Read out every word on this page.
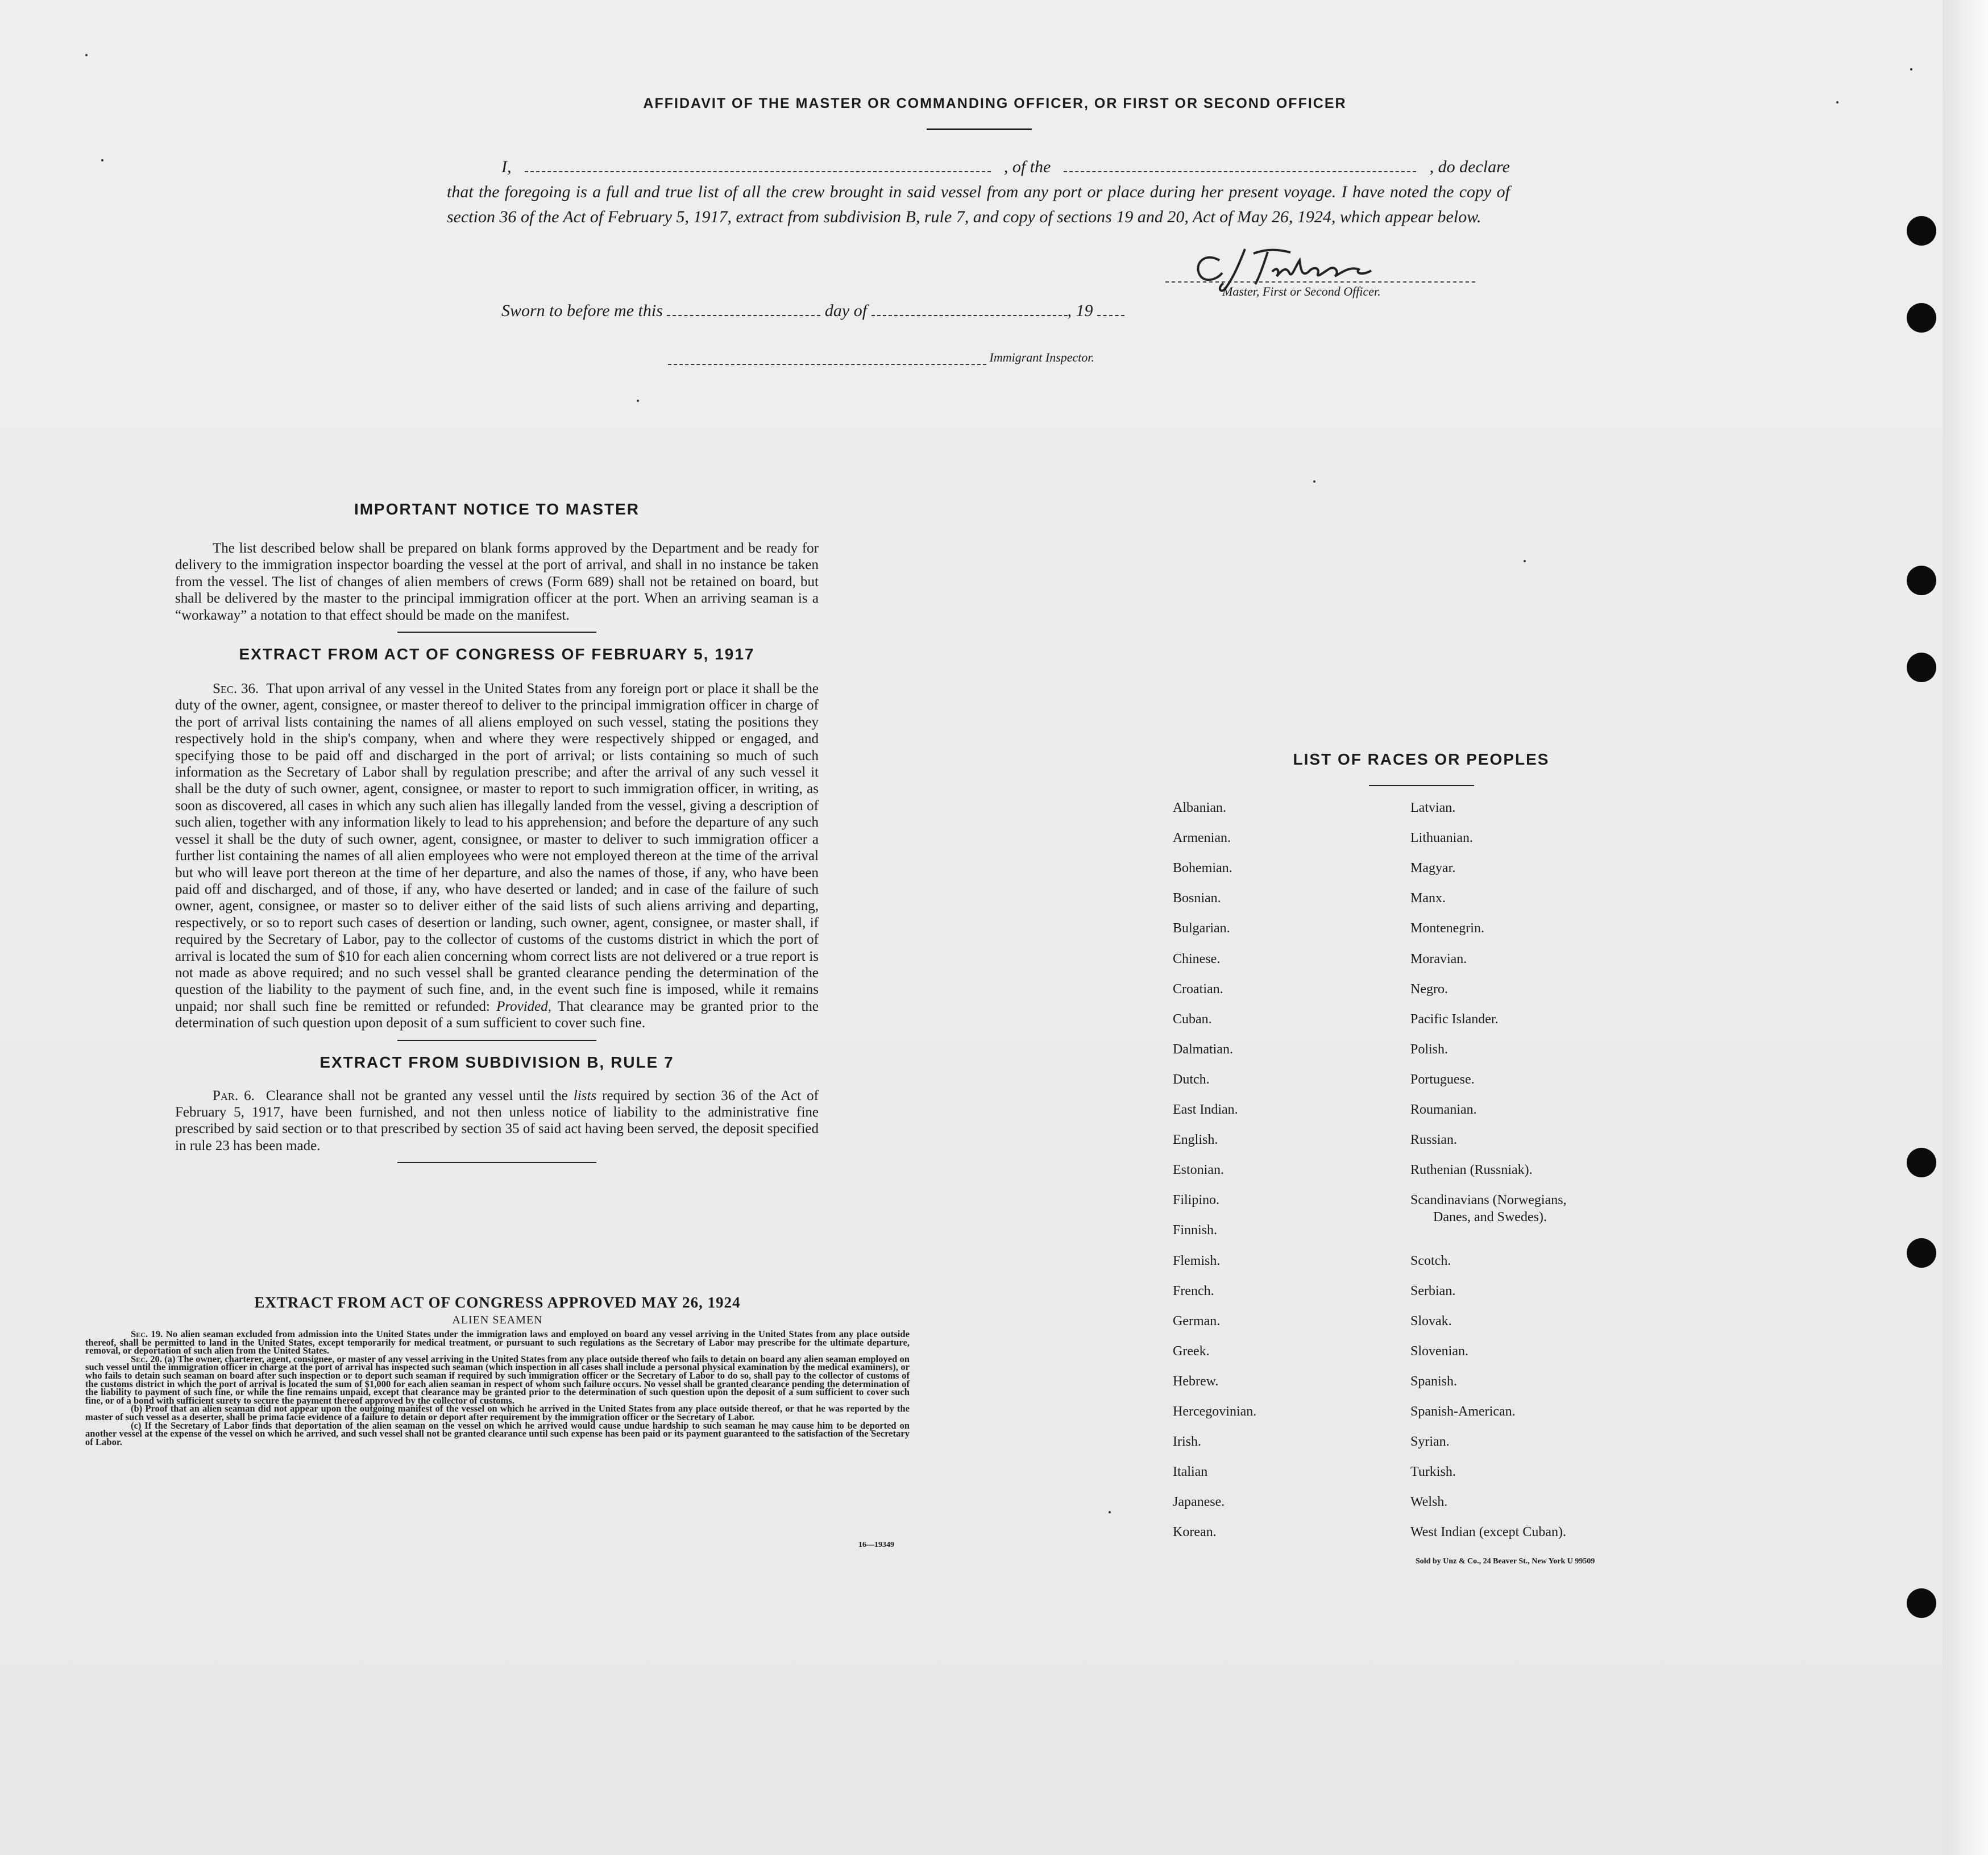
AFFIDAVIT OF THE MASTER OR COMMANDING OFFICER, OR FIRST OR SECOND OFFICER
I,	, of the	, do declare
that the foregoing is a full and true list of all the crew brought in said vessel from any port or place during her present voyage. I have noted the copy of section 36 of the Act of February 5, 1917, extract from subdivision B, rule 7, and copy of sections 19 and 20, Act of May 26, 1924, which appear below.
Master, First or Second Officer.
Sworn to before me this	day of	, 19
Immigrant Inspector.
IMPORTANT NOTICE TO MASTER

The list described below shall be prepared on blank forms approved by the Department and be ready for delivery to the immigration inspector boarding the vessel at the port of arrival, and shall in no instance be taken from the vessel. The list of changes of alien members of crews (Form 689) shall not be retained on board, but shall be delivered by the master to the principal immigration officer at the port. When an arriving seaman is a “workaway” a notation to that effect should be made on the manifest.

EXTRACT FROM ACT OF CONGRESS OF FEBRUARY 5, 1917

Sec. 36. That upon arrival of any vessel in the United States from any foreign port or place it shall be the duty of the owner, agent, consignee, or master thereof to deliver to the principal immigration officer in charge of the port of arrival lists containing the names of all aliens employed on such vessel, stating the positions they respectively hold in the ship's company, when and where they were respectively shipped or engaged, and specifying those to be paid off and discharged in the port of arrival; or lists containing so much of such information as the Secretary of Labor shall by regulation prescribe; and after the arrival of any such vessel it shall be the duty of such owner, agent, consignee, or master to report to such immigration officer, in writing, as soon as discovered, all cases in which any such alien has illegally landed from the vessel, giving a description of such alien, together with any information likely to lead to his apprehension; and before the departure of any such vessel it shall be the duty of such owner, agent, consignee, or master to deliver to such immigration officer a further list containing the names of all alien employees who were not employed thereon at the time of the arrival but who will leave port thereon at the time of her departure, and also the names of those, if any, who have been paid off and discharged, and of those, if any, who have deserted or landed; and in case of the failure of such owner, agent, consignee, or master so to deliver either of the said lists of such aliens arriving and departing, respectively, or so to report such cases of desertion or landing, such owner, agent, consignee, or master shall, if required by the Secretary of Labor, pay to the collector of customs of the customs district in which the port of arrival is located the sum of $10 for each alien concerning whom correct lists are not delivered or a true report is not made as above required; and no such vessel shall be granted clearance pending the determination of the question of the liability to the payment of such fine, and, in the event such fine is imposed, while it remains unpaid; nor shall such fine be remitted or refunded: Provided, That clearance may be granted prior to the determination of such question upon deposit of a sum sufficient to cover such fine.

EXTRACT FROM SUBDIVISION B, RULE 7

Par. 6. Clearance shall not be granted any vessel until the lists required by section 36 of the Act of February 5, 1917, have been furnished, and not then unless notice of liability to the administrative fine prescribed by said section or to that prescribed by section 35 of said act having been served, the deposit specified in rule 23 has been made.

EXTRACT FROM ACT OF CONGRESS APPROVED MAY 26, 1924
ALIEN SEAMEN

Sec. 19. No alien seaman excluded from admission into the United States under the immigration laws and employed on board any vessel arriving in the United States from any place outside thereof, shall be permitted to land in the United States, except temporarily for medical treatment, or pursuant to such regulations as the Secretary of Labor may prescribe for the ultimate departure, removal, or deportation of such alien from the United States.

Sec. 20. (a) The owner, charterer, agent, consignee, or master of any vessel arriving in the United States from any place outside thereof who fails to detain on board any alien seaman employed on such vessel until the immigration officer in charge at the port of arrival has inspected such seaman (which inspection in all cases shall include a personal physical examination by the medical examiners), or who fails to detain such seaman on board after such inspection or to deport such seaman if required by such immigration officer or the Secretary of Labor to do so, shall pay to the collector of customs of the customs district in which the port of arrival is located the sum of $1,000 for each alien seaman in respect of whom such failure occurs. No vessel shall be granted clearance pending the determination of the liability to payment of such fine, or while the fine remains unpaid, except that clearance may be granted prior to the determination of such question upon the deposit of a sum sufficient to cover such fine, or of a bond with sufficient surety to secure the payment thereof approved by the collector of customs.

(b) Proof that an alien seaman did not appear upon the outgoing manifest of the vessel on which he arrived in the United States from any place outside thereof, or that he was reported by the master of such vessel as a deserter, shall be prima facie evidence of a failure to detain or deport after requirement by the immigration officer or the Secretary of Labor.

(c) If the Secretary of Labor finds that deportation of the alien seaman on the vessel on which he arrived would cause undue hardship to such seaman he may cause him to be deported on another vessel at the expense of the vessel on which he arrived, and such vessel shall not be granted clearance until such expense has been paid or its payment guaranteed to the satisfaction of the Secretary of Labor.

16—19349
LIST OF RACES OR PEOPLES
Sold by Unz & Co., 24 Beaver St., New York U 99509
Albanian.
Armenian.
Bohemian.
Bosnian.
Bulgarian.
Chinese.
Croatian.
Cuban.
Dalmatian.
Dutch.
East Indian.
English.
Estonian.
Filipino.
Finnish.
Flemish.
French.
German.
Greek.
Hebrew.
Hercegovinian.
Irish.
Italian
Japanese.
Korean.
Latvian.
Lithuanian.
Magyar.
Manx.
Montenegrin.
Moravian.
Negro.
Pacific Islander.
Polish.
Portuguese.
Roumanian.
Russian.
Ruthenian (Russniak).
Scandinavians (Norwegians,
Danes, and Swedes).
Scotch.
Serbian.
Slovak.
Slovenian.
Spanish.
Spanish-American.
Syrian.
Turkish.
Welsh.
West Indian (except Cuban).
